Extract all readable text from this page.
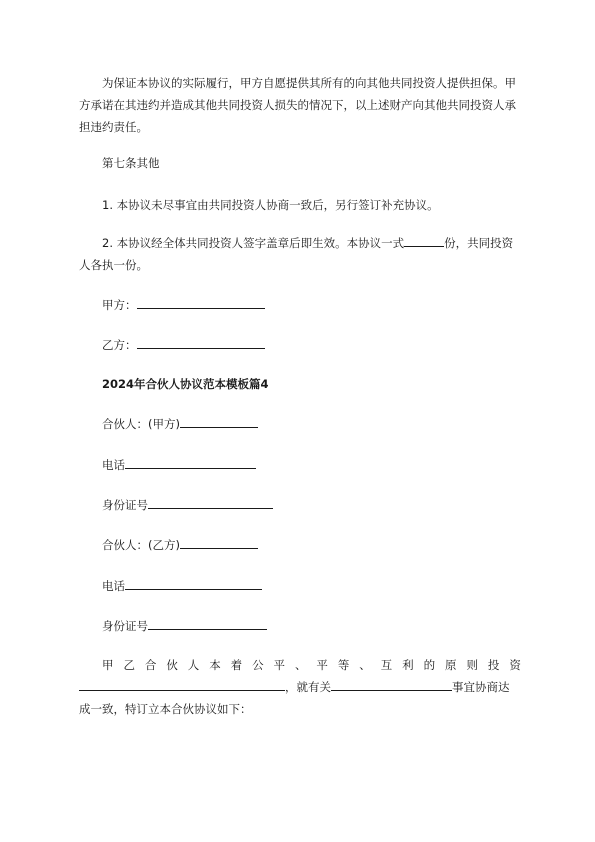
为保证本协议的实际履行，甲方自愿提供其所有的向其他共同投资人提供担保。甲方承诺在其违约并造成其他共同投资人损失的情况下，以上述财产向其他共同投资人承担违约责任。

第七条其他

1. 本协议未尽事宜由共同投资人协商一致后，另行签订补充协议。

2. 本协议经全体共同投资人签字盖章后即生效。本协议一式	份，共同投资人各执一份。

甲方：

乙方：

2024年合伙人协议范本模板篇4

合伙人：(甲方)

电话

身份证号

合伙人：(乙方)

电话

身份证号

甲 乙 合 伙 人 本 着 公 平 、 平 等 、 互 利 的 原 则 投 资

，就有关	事宜协商达

成一致，特订立本合伙协议如下：
